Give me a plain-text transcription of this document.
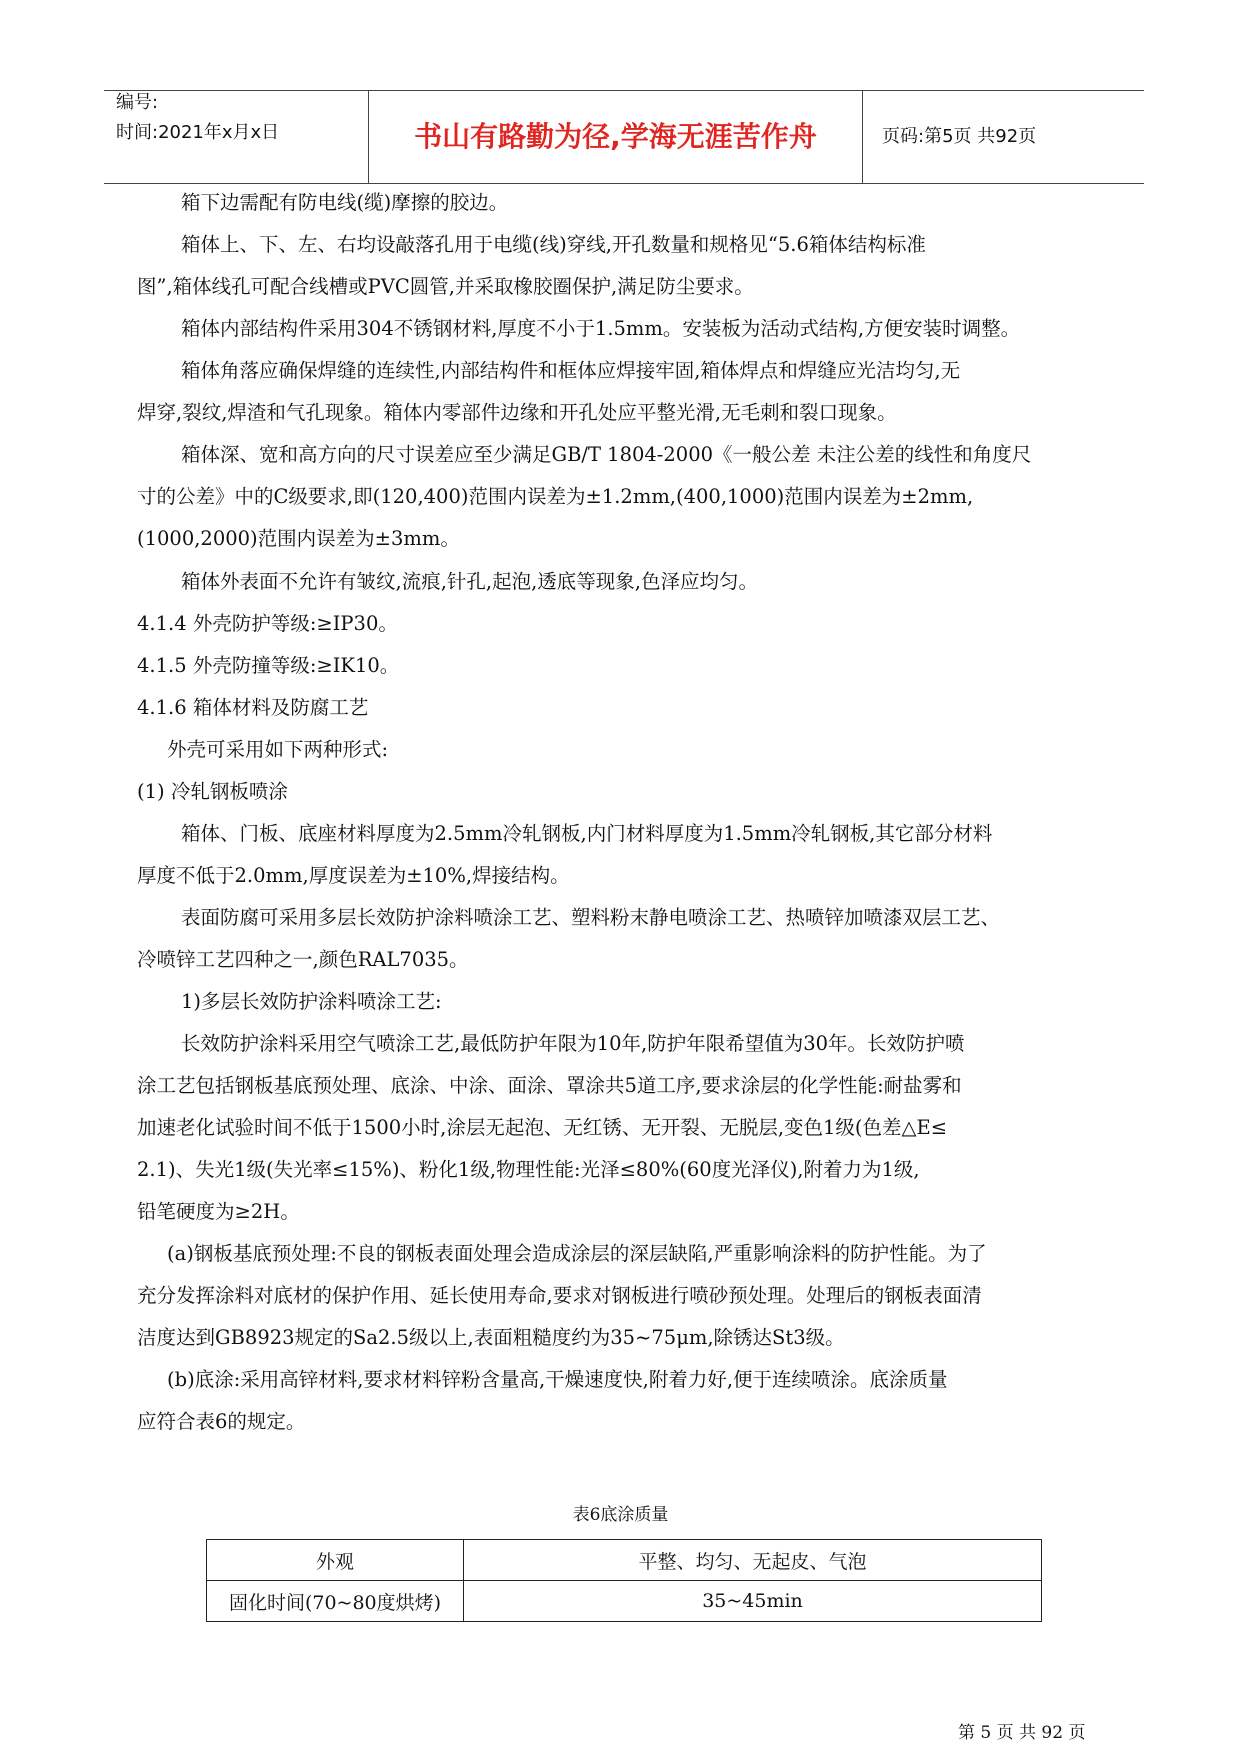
编号:
时间:2021年x月x日	书山有路勤为径,学海无涯苦作舟	页码:第5页 共92页
箱下边需配有防电线(缆)摩擦的胶边。
箱体上、下、左、右均设敲落孔用于电缆(线)穿线,开孔数量和规格见“5.6箱体结构标准
图”,箱体线孔可配合线槽或PVC圆管,并采取橡胶圈保护,满足防尘要求。
箱体内部结构件采用304不锈钢材料,厚度不小于1.5mm。安装板为活动式结构,方便安装时调整。
箱体角落应确保焊缝的连续性,内部结构件和框体应焊接牢固,箱体焊点和焊缝应光洁均匀,无
焊穿,裂纹,焊渣和气孔现象。箱体内零部件边缘和开孔处应平整光滑,无毛刺和裂口现象。
箱体深、宽和高方向的尺寸误差应至少满足GB/T 1804-2000《一般公差 未注公差的线性和角度尺
寸的公差》中的C级要求,即(120,400)范围内误差为±1.2mm,(400,1000)范围内误差为±2mm,
(1000,2000)范围内误差为±3mm。
箱体外表面不允许有皱纹,流痕,针孔,起泡,透底等现象,色泽应均匀。
4.1.4 外壳防护等级:≥IP30。
4.1.5 外壳防撞等级:≥IK10。
4.1.6 箱体材料及防腐工艺
外壳可采用如下两种形式:
(1) 冷轧钢板喷涂
箱体、门板、底座材料厚度为2.5mm冷轧钢板,内门材料厚度为1.5mm冷轧钢板,其它部分材料
厚度不低于2.0mm,厚度误差为±10%,焊接结构。
表面防腐可采用多层长效防护涂料喷涂工艺、塑料粉末静电喷涂工艺、热喷锌加喷漆双层工艺、
冷喷锌工艺四种之一,颜色RAL7035。
1)多层长效防护涂料喷涂工艺:
长效防护涂料采用空气喷涂工艺,最低防护年限为10年,防护年限希望值为30年。长效防护喷
涂工艺包括钢板基底预处理、底涂、中涂、面涂、罩涂共5道工序,要求涂层的化学性能:耐盐雾和
加速老化试验时间不低于1500小时,涂层无起泡、无红锈、无开裂、无脱层,变色1级(色差△E≤
2.1)、失光1级(失光率≤15%)、粉化1级,物理性能:光泽≤80%(60度光泽仪),附着力为1级,
铅笔硬度为≥2H。
(a)钢板基底预处理:不良的钢板表面处理会造成涂层的深层缺陷,严重影响涂料的防护性能。为了
充分发挥涂料对底材的保护作用、延长使用寿命,要求对钢板进行喷砂预处理。处理后的钢板表面清
洁度达到GB8923规定的Sa2.5级以上,表面粗糙度约为35~75μm,除锈达St3级。
(b)底涂:采用高锌材料,要求材料锌粉含量高,干燥速度快,附着力好,便于连续喷涂。底涂质量
应符合表6的规定。
表6底涂质量
外观	平整、均匀、无起皮、气泡
固化时间(70~80度烘烤)	35~45min
第 5 页 共 92 页
